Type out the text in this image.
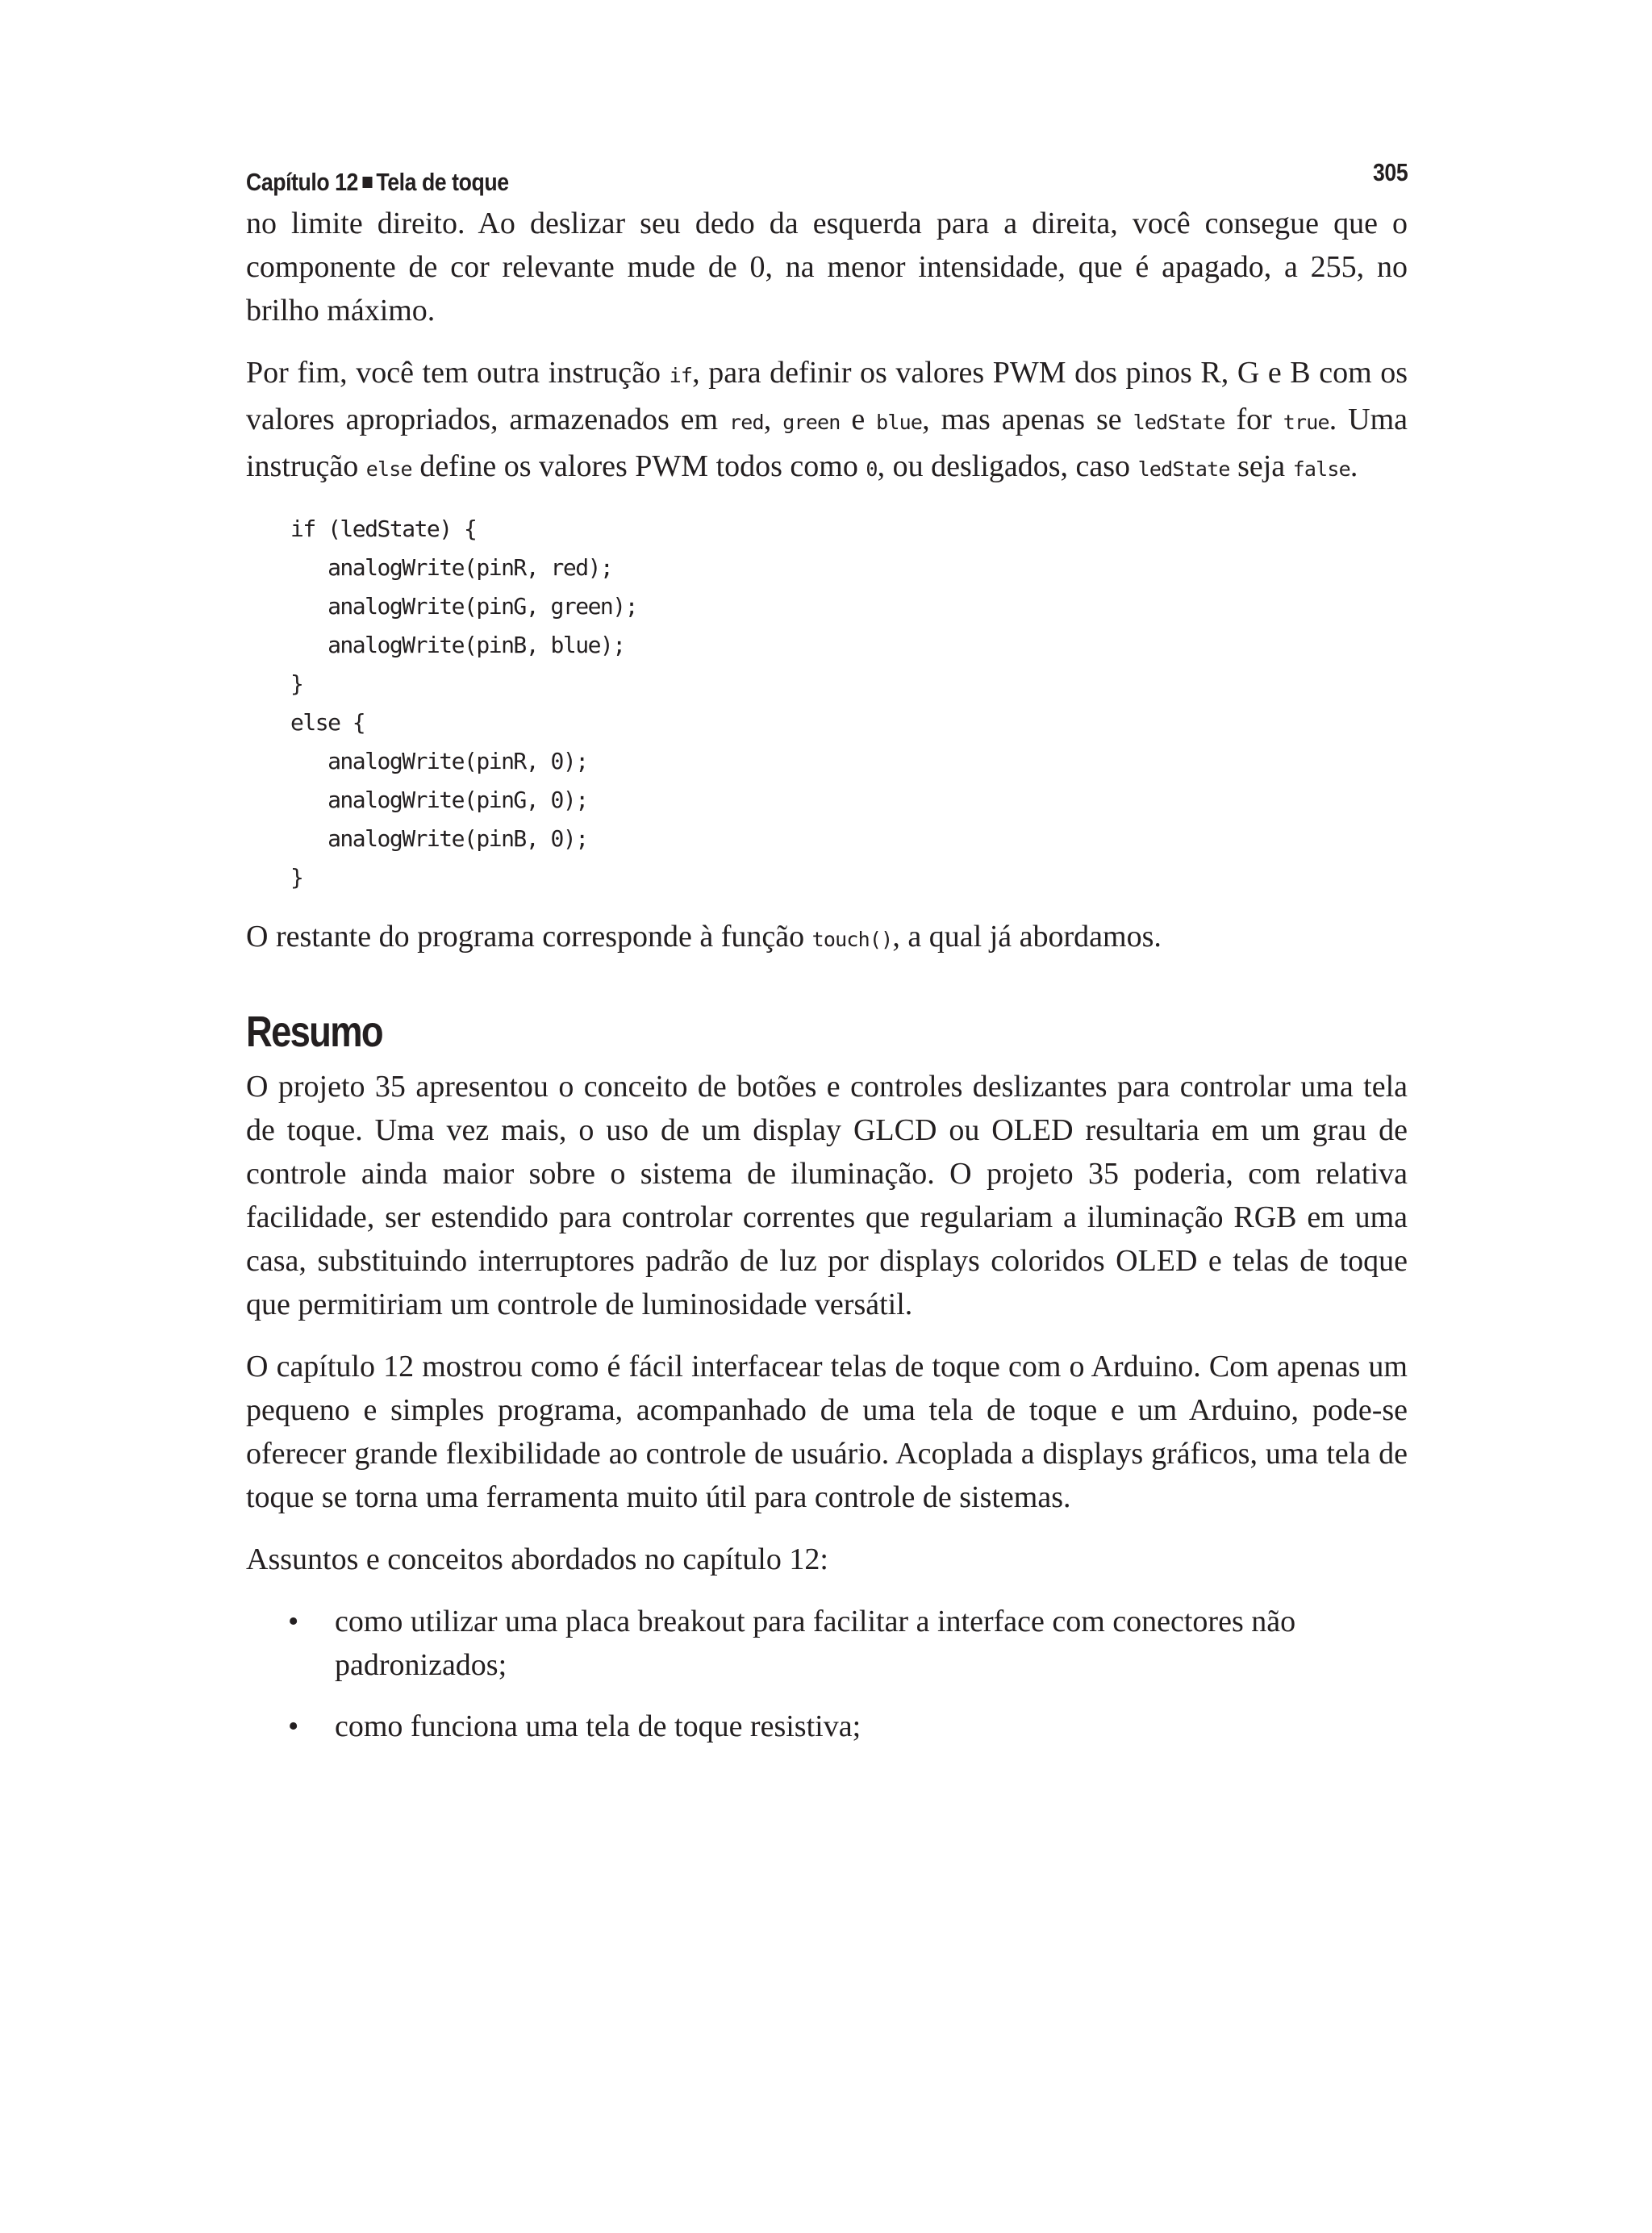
Capítulo 12 Tela de toque	305

no limite direito. Ao deslizar seu dedo da esquerda para a direita, você consegue que o componente de cor relevante mude de 0, na menor intensidade, que é apagado, a 255, no brilho máximo.

Por fim, você tem outra instrução if, para definir os valores PWM dos pinos R, G e B com os valores apropriados, armazenados em red, green e blue, mas apenas se ledState for true. Uma instrução else define os valores PWM todos como 0, ou desligados, caso ledState seja false.

if (ledState) {
analogWrite(pinR, red);
analogWrite(pinG, green);
analogWrite(pinB, blue);
}
else {
analogWrite(pinR, 0);
analogWrite(pinG, 0);
analogWrite(pinB, 0);
}

O restante do programa corresponde à função touch(), a qual já abordamos.

Resumo

O projeto 35 apresentou o conceito de botões e controles deslizantes para controlar uma tela de toque. Uma vez mais, o uso de um display GLCD ou OLED resultaria em um grau de controle ainda maior sobre o sistema de iluminação. O projeto 35 poderia, com relativa facilidade, ser estendido para controlar correntes que regulariam a iluminação RGB em uma casa, substituindo interruptores padrão de luz por displays coloridos OLED e telas de toque que permitiriam um controle de luminosidade versátil.

O capítulo 12 mostrou como é fácil interfacear telas de toque com o Arduino. Com apenas um pequeno e simples programa, acompanhado de uma tela de toque e um Arduino, pode-se oferecer grande flexibilidade ao controle de usuário. Acoplada a displays gráficos, uma tela de toque se torna uma ferramenta muito útil para controle de sistemas.

Assuntos e conceitos abordados no capítulo 12:

• como utilizar uma placa breakout para facilitar a interface com conectores não padronizados;
• como funciona uma tela de toque resistiva;
